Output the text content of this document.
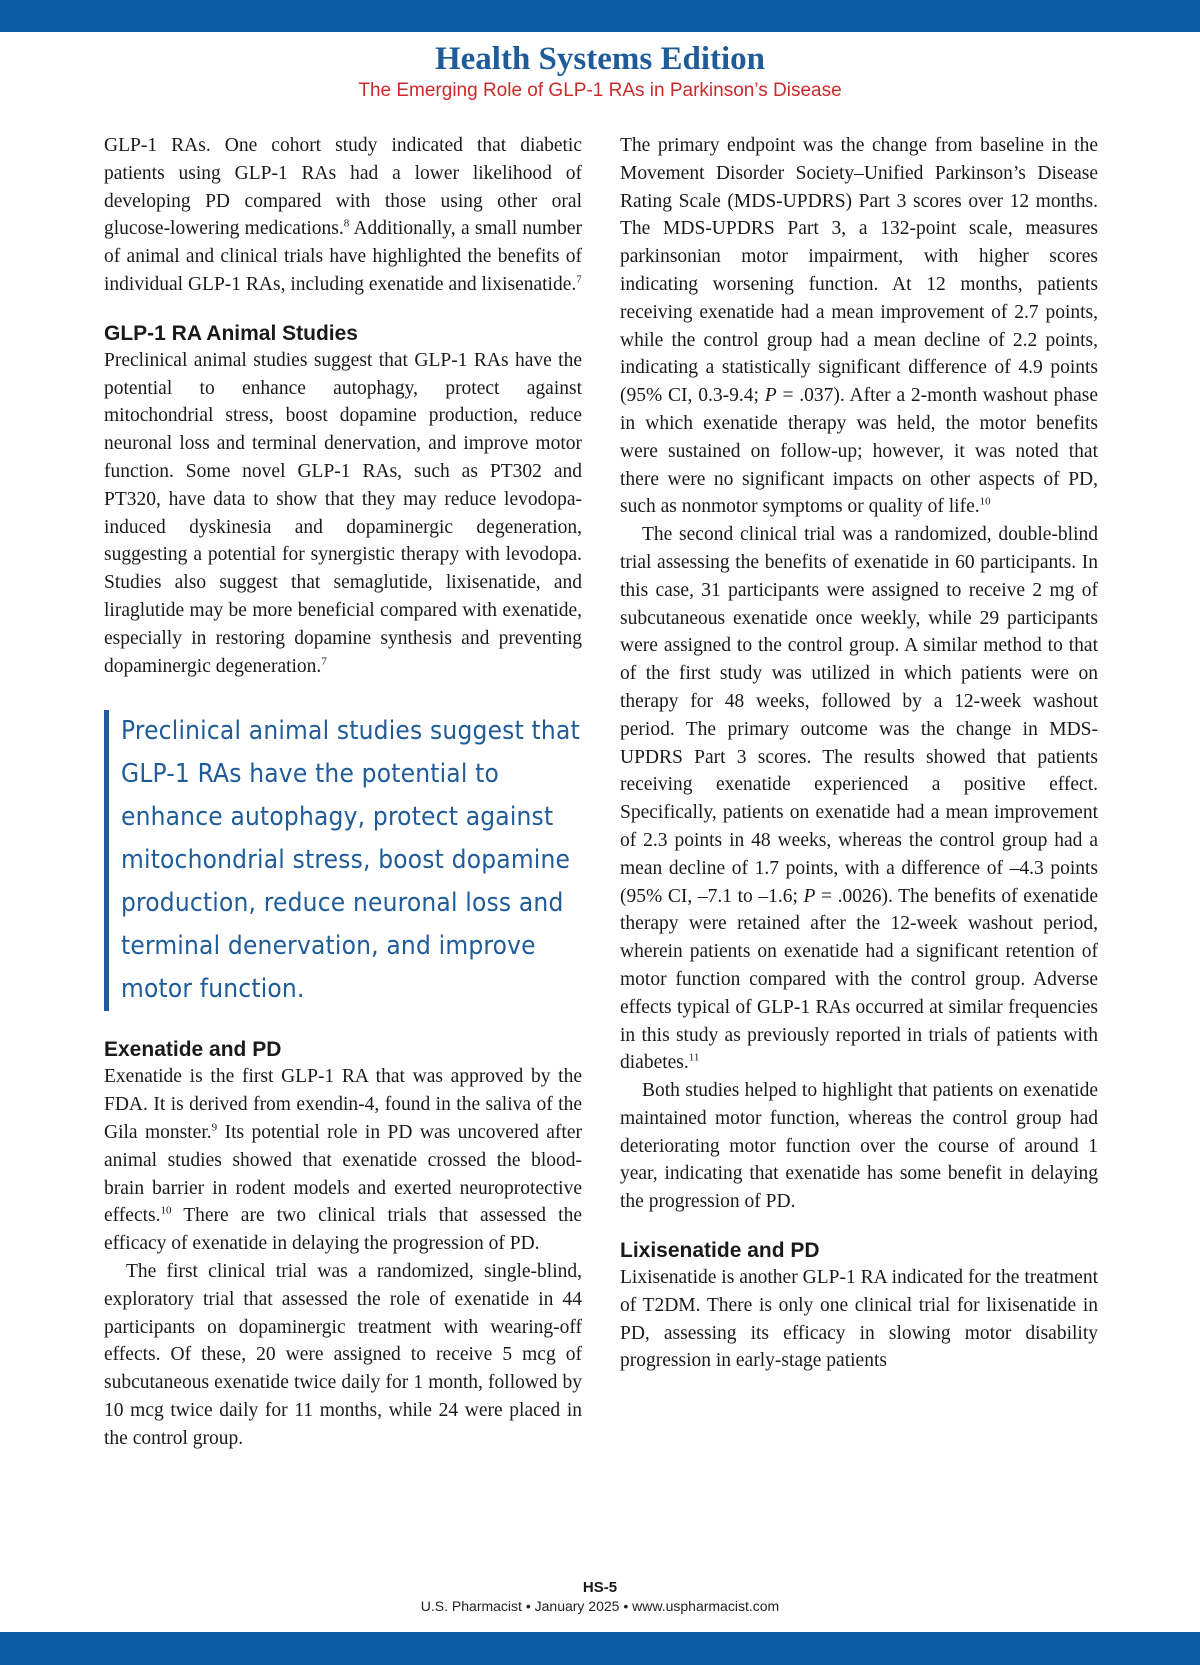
Health Systems Edition
The Emerging Role of GLP-1 RAs in Parkinson’s Disease

GLP-1 RAs. One cohort study indicated that diabetic patients using GLP-1 RAs had a lower likelihood of developing PD compared with those using other oral glucose-lowering medications.$^8$ Additionally, a small number of animal and clinical trials have highlighted the benefits of individual GLP-1 RAs, including exenatide and lixisenatide.$^7$

GLP-1 RA Animal Studies

Preclinical animal studies suggest that GLP-1 RAs have the potential to enhance autophagy, protect against mitochondrial stress, boost dopamine production, reduce neuronal loss and terminal denervation, and improve motor function. Some novel GLP-1 RAs, such as PT302 and PT320, have data to show that they may reduce levodopa-induced dyskinesia and dopaminergic degeneration, suggesting a potential for synergistic therapy with levodopa. Studies also suggest that semaglutide, lixisenatide, and liraglutide may be more beneficial compared with exenatide, especially in restoring dopamine synthesis and preventing dopaminergic degeneration.$^7$

Preclinical animal studies suggest that GLP-1 RAs have the potential to enhance autophagy, protect against mitochondrial stress, boost dopamine production, reduce neuronal loss and terminal denervation, and improve motor function.
Exenatide and PD

Exenatide is the first GLP-1 RA that was approved by the FDA. It is derived from exendin-4, found in the saliva of the Gila monster.$^9$ Its potential role in PD was uncovered after animal studies showed that exenatide crossed the blood-brain barrier in rodent models and exerted neuroprotective effects.$^{10}$ There are two clinical trials that assessed the efficacy of exenatide in delaying the progression of PD.

The first clinical trial was a randomized, single-blind, exploratory trial that assessed the role of exenatide in 44 participants on dopaminergic treatment with wearing-off effects. Of these, 20 were assigned to receive 5 mcg of subcutaneous exenatide twice daily for 1 month, followed by 10 mcg twice daily for 11 months, while 24 were placed in the control group.

The primary endpoint was the change from baseline in the Movement Disorder Society–Unified Parkinson’s Disease Rating Scale (MDS-UPDRS) Part 3 scores over 12 months. The MDS-UPDRS Part 3, a 132-point scale, measures parkinsonian motor impairment, with higher scores indicating worsening function. At 12 months, patients receiving exenatide had a mean improvement of 2.7 points, while the control group had a mean decline of 2.2 points, indicating a statistically significant difference of 4.9 points (95% CI, 0.3-9.4; P = .037). After a 2-month washout phase in which exenatide therapy was held, the motor benefits were sustained on follow-up; however, it was noted that there were no significant impacts on other aspects of PD, such as nonmotor symptoms or quality of life.$^{10}$

The second clinical trial was a randomized, double-blind trial assessing the benefits of exenatide in 60 participants. In this case, 31 participants were assigned to receive 2 mg of subcutaneous exenatide once weekly, while 29 participants were assigned to the control group. A similar method to that of the first study was utilized in which patients were on therapy for 48 weeks, followed by a 12-week washout period. The primary outcome was the change in MDS-UPDRS Part 3 scores. The results showed that patients receiving exenatide experienced a positive effect. Specifically, patients on exenatide had a mean improvement of 2.3 points in 48 weeks, whereas the control group had a mean decline of 1.7 points, with a difference of –4.3 points (95% CI, –7.1 to –1.6; P = .0026). The benefits of exenatide therapy were retained after the 12-week washout period, wherein patients on exenatide had a significant retention of motor function compared with the control group. Adverse effects typical of GLP-1 RAs occurred at similar frequencies in this study as previously reported in trials of patients with diabetes.$^{11}$

Both studies helped to highlight that patients on exenatide maintained motor function, whereas the control group had deteriorating motor function over the course of around 1 year, indicating that exenatide has some benefit in delaying the progression of PD.

Lixisenatide and PD

Lixisenatide is another GLP-1 RA indicated for the treatment of T2DM. There is only one clinical trial for lixisenatide in PD, assessing its efficacy in slowing motor disability progression in early-stage patients

HS-5
U.S. Pharmacist • January 2025 • www.uspharmacist.com
